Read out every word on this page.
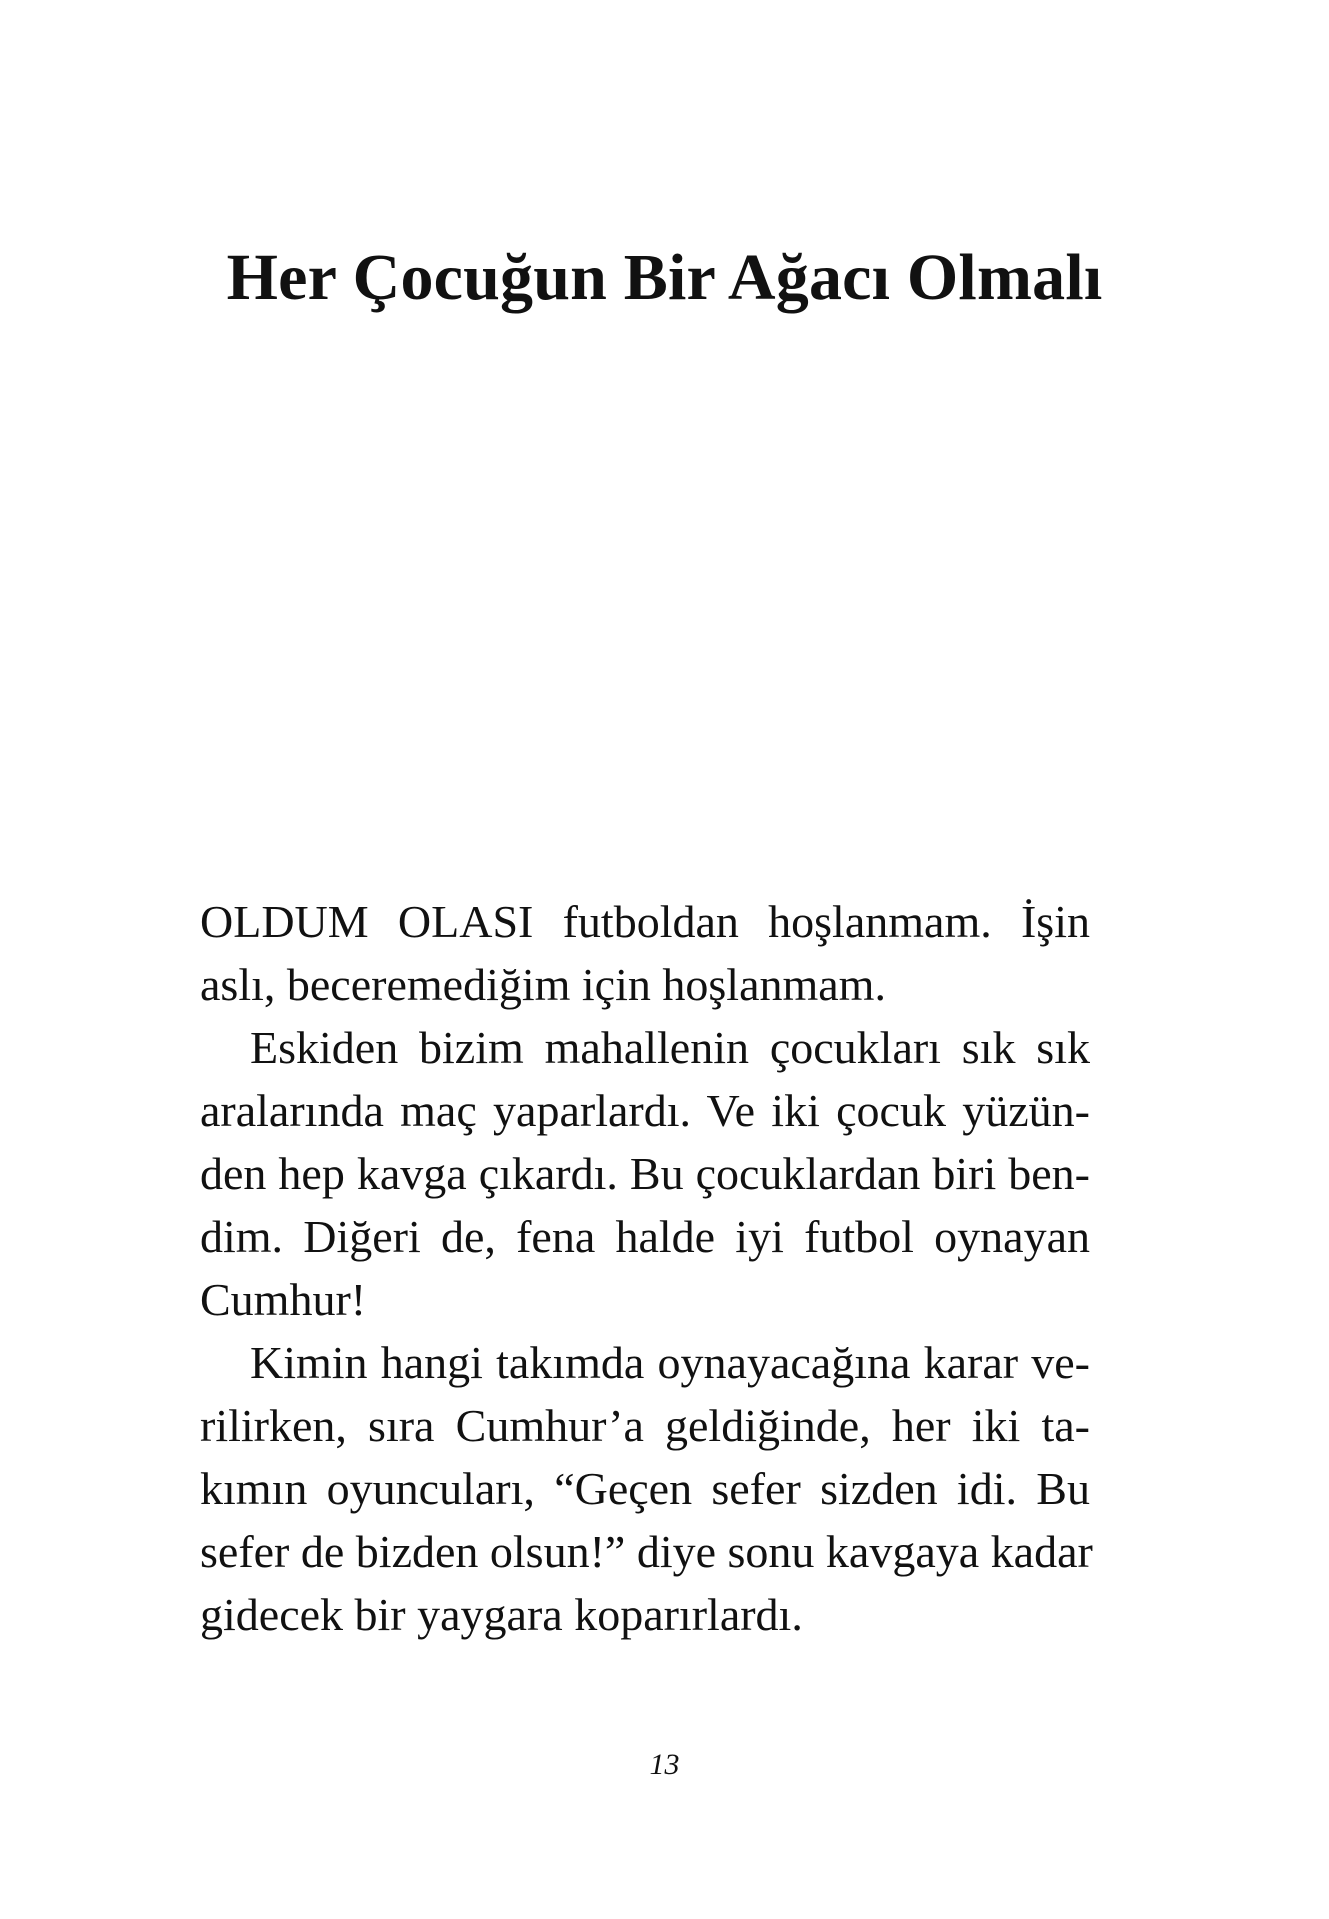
Her Çocuğun Bir Ağacı Olmalı
OLDUM OLASI futboldan hoşlanmam. İşin
aslı, beceremediğim için hoşlanmam.
Eskiden bizim mahallenin çocukları sık sık
aralarında maç yaparlardı. Ve iki çocuk yüzün-
den hep kavga çıkardı. Bu çocuklardan biri ben-
dim. Diğeri de, fena halde iyi futbol oynayan
Cumhur!
Kimin hangi takımda oynayacağına karar ve-
rilirken, sıra Cumhur’a geldiğinde, her iki ta-
kımın oyuncuları, “Geçen sefer sizden idi. Bu
sefer de bizden olsun!” diye sonu kavgaya kadar
gidecek bir yaygara koparırlardı.
13
